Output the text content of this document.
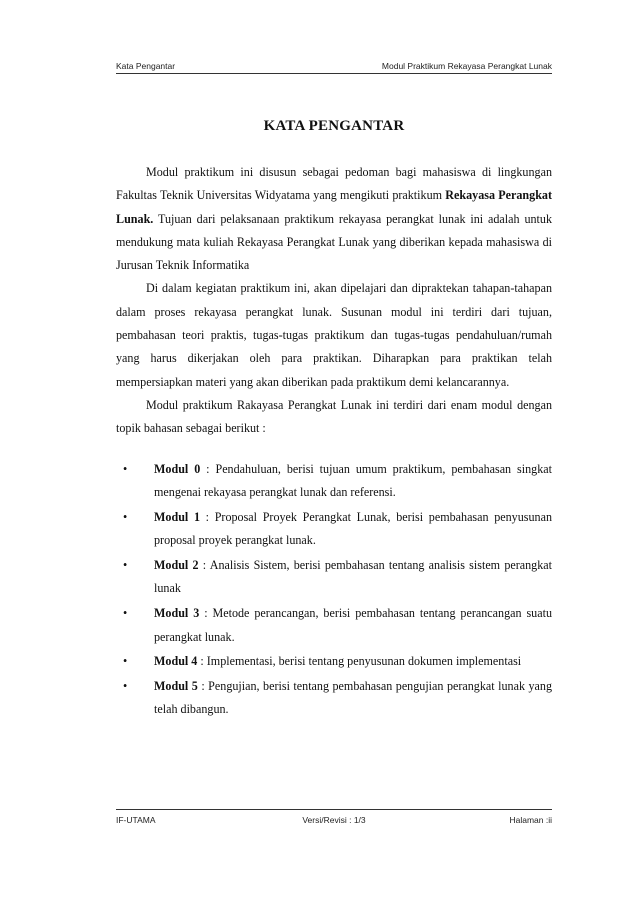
Kata Pengantar	Modul Praktikum Rekayasa Perangkat Lunak
KATA PENGANTAR

Modul praktikum ini disusun sebagai pedoman bagi mahasiswa di lingkungan Fakultas Teknik Universitas Widyatama yang mengikuti praktikum Rekayasa Perangkat Lunak. Tujuan dari pelaksanaan praktikum rekayasa perangkat lunak ini adalah untuk mendukung mata kuliah Rekayasa Perangkat Lunak yang diberikan kepada mahasiswa di Jurusan Teknik Informatika

Di dalam kegiatan praktikum ini, akan dipelajari dan dipraktekan tahapan-tahapan dalam proses rekayasa perangkat lunak. Susunan modul ini terdiri dari tujuan, pembahasan teori praktis, tugas-tugas praktikum dan tugas-tugas pendahuluan/rumah yang harus dikerjakan oleh para praktikan. Diharapkan para praktikan telah mempersiapkan materi yang akan diberikan pada praktikum demi kelancarannya.

Modul praktikum Rakayasa Perangkat Lunak ini terdiri dari enam modul dengan topik bahasan sebagai berikut :

• Modul 0 : Pendahuluan, berisi tujuan umum praktikum, pembahasan singkat mengenai rekayasa perangkat lunak dan referensi.
• Modul 1 : Proposal Proyek Perangkat Lunak, berisi pembahasan penyusunan proposal proyek perangkat lunak.
• Modul 2 : Analisis Sistem, berisi pembahasan tentang analisis sistem perangkat lunak
• Modul 3 : Metode perancangan, berisi pembahasan tentang perancangan suatu perangkat lunak.
• Modul 4 : Implementasi, berisi tentang penyusunan dokumen implementasi
• Modul 5 : Pengujian, berisi tentang pembahasan pengujian perangkat lunak yang telah dibangun.
IF-UTAMA	Versi/Revisi : 1/3	Halaman :ii
